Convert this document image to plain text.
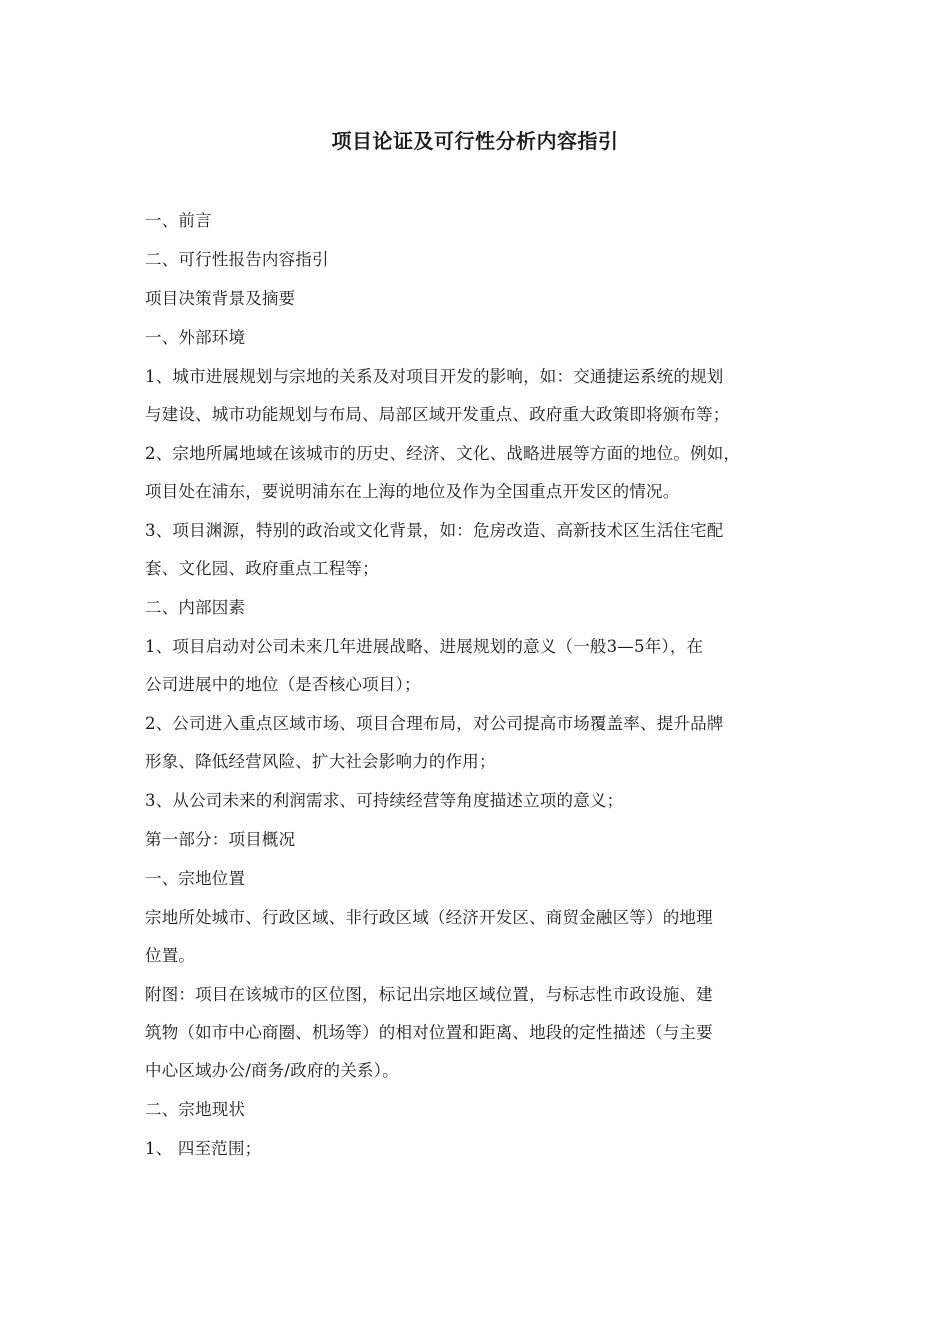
项目论证及可行性分析内容指引

一、前言

二、可行性报告内容指引

项目决策背景及摘要

一、外部环境

1、城市进展规划与宗地的关系及对项目开发的影响，如：交通捷运系统的规划

与建设、城市功能规划与布局、局部区域开发重点、政府重大政策即将颁布等；

2、宗地所属地域在该城市的历史、经济、文化、战略进展等方面的地位。例如，

项目处在浦东，要说明浦东在上海的地位及作为全国重点开发区的情况。

3、项目渊源，特别的政治或文化背景，如：危房改造、高新技术区生活住宅配

套、文化园、政府重点工程等；

二、内部因素

1、项目启动对公司未来几年进展战略、进展规划的意义（一般3—5年），在

公司进展中的地位（是否核心项目）；

2、公司进入重点区域市场、项目合理布局，对公司提高市场覆盖率、提升品牌

形象、降低经营风险、扩大社会影响力的作用；

3、从公司未来的利润需求、可持续经营等角度描述立项的意义；

第一部分：项目概况

一、宗地位置

宗地所处城市、行政区域、非行政区域（经济开发区、商贸金融区等）的地理

位置。

附图：项目在该城市的区位图，标记出宗地区域位置，与标志性市政设施、建

筑物（如市中心商圈、机场等）的相对位置和距离、地段的定性描述（与主要

中心区域办公/商务/政府的关系）。

二、宗地现状

1、 四至范围；
